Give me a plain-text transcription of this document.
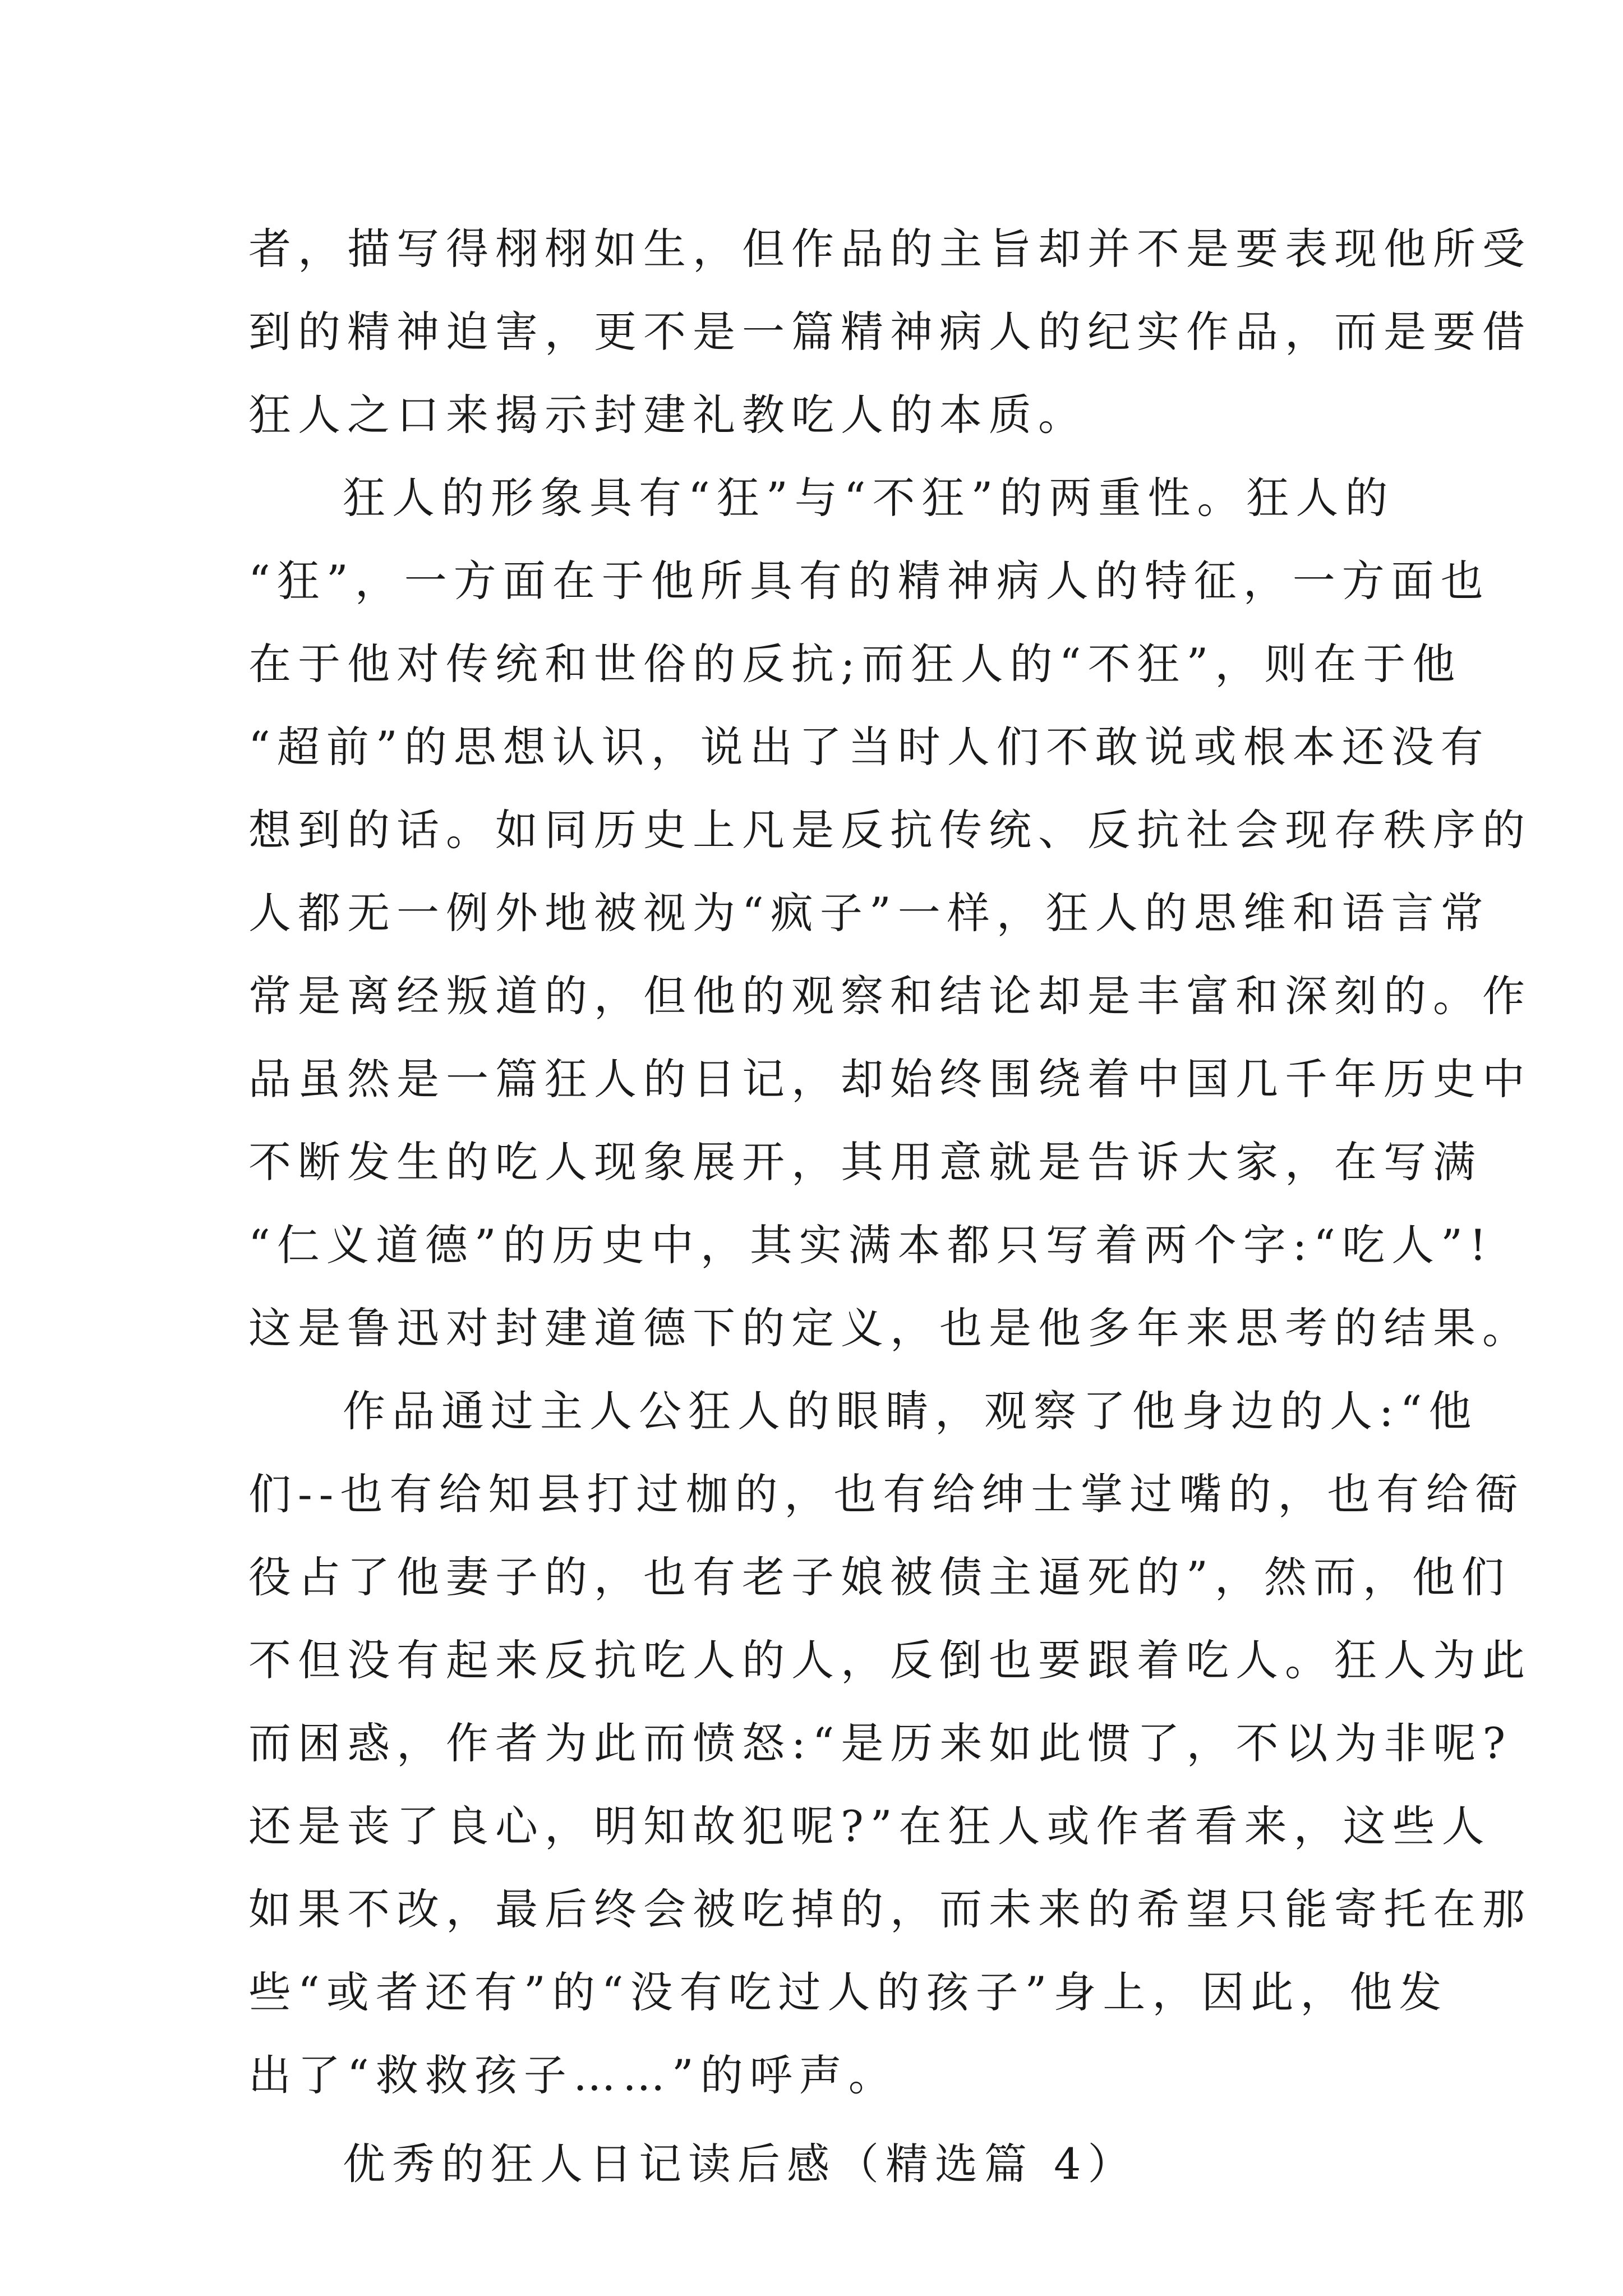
者，描写得栩栩如生，但作品的主旨却并不是要表现他所受
到的精神迫害，更不是一篇精神病人的纪实作品，而是要借
狂人之口来揭示封建礼教吃人的本质。
狂人的形象具有“狂”与“不狂”的两重性。狂人的
“狂”，一方面在于他所具有的精神病人的特征，一方面也
在于他对传统和世俗的反抗;而狂人的“不狂”，则在于他
“超前”的思想认识，说出了当时人们不敢说或根本还没有
想到的话。如同历史上凡是反抗传统、反抗社会现存秩序的
人都无一例外地被视为“疯子”一样，狂人的思维和语言常
常是离经叛道的，但他的观察和结论却是丰富和深刻的。作
品虽然是一篇狂人的日记，却始终围绕着中国几千年历史中
不断发生的吃人现象展开，其用意就是告诉大家，在写满
“仁义道德”的历史中，其实满本都只写着两个字:“吃人”!
这是鲁迅对封建道德下的定义，也是他多年来思考的结果。
作品通过主人公狂人的眼睛，观察了他身边的人:“他
们--也有给知县打过枷的，也有给绅士掌过嘴的，也有给衙
役占了他妻子的，也有老子娘被债主逼死的”，然而，他们
不但没有起来反抗吃人的人，反倒也要跟着吃人。狂人为此
而困惑，作者为此而愤怒:“是历来如此惯了，不以为非呢?
还是丧了良心，明知故犯呢?”在狂人或作者看来，这些人
如果不改，最后终会被吃掉的，而未来的希望只能寄托在那
些“或者还有”的“没有吃过人的孩子”身上，因此，他发
出了“救救孩子……”的呼声。
优秀的狂人日记读后感（精选篇 4）
